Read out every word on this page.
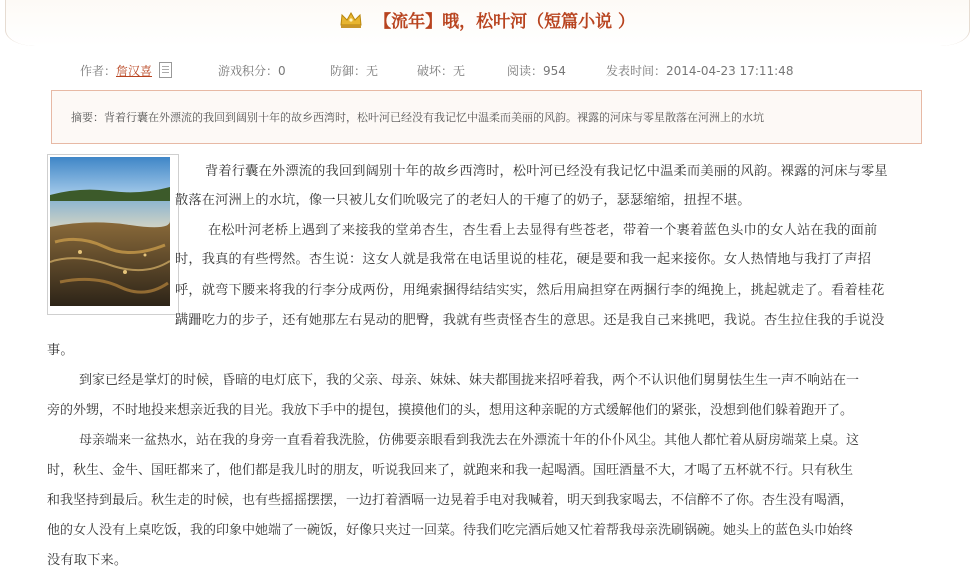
【流年】哦，松叶河（短篇小说 ）
作者： 詹汉喜	游戏积分：0	防御：无	破坏：无	阅读：954	发表时间：2014-04-23 17:11:48
摘要：背着行囊在外漂流的我回到阔别十年的故乡西湾时，松叶河已经没有我记忆中温柔而美丽的风韵。裸露的河床与零星散落在河洲上的水坑
背着行囊在外漂流的我回到阔别十年的故乡西湾时，松叶河已经没有我记忆中温柔而美丽的风韵。裸露的河床与零星
散落在河洲上的水坑，像一只被儿女们吮吸完了的老妇人的干瘪了的奶子，瑟瑟缩缩，扭捏不堪。
在松叶河老桥上遇到了来接我的堂弟杏生，杏生看上去显得有些苍老，带着一个裹着蓝色头巾的女人站在我的面前
时，我真的有些愕然。杏生说：这女人就是我常在电话里说的桂花，硬是要和我一起来接你。女人热情地与我打了声招
呼，就弯下腰来将我的行李分成两份，用绳索捆得结结实实，然后用扁担穿在两捆行李的绳挽上，挑起就走了。看着桂花
蹒跚吃力的步子，还有她那左右晃动的肥臀，我就有些责怪杏生的意思。还是我自己来挑吧，我说。杏生拉住我的手说没
事。
到家已经是掌灯的时候，昏暗的电灯底下，我的父亲、母亲、妹妹、妹夫都围拢来招呼着我，两个不认识他们舅舅怯生生一声不响站在一
旁的外甥，不时地投来想亲近我的目光。我放下手中的提包，摸摸他们的头，想用这种亲昵的方式缓解他们的紧张，没想到他们躲着跑开了。
母亲端来一盆热水，站在我的身旁一直看着我洗脸，仿佛要亲眼看到我洗去在外漂流十年的仆仆风尘。其他人都忙着从厨房端菜上桌。这
时，秋生、金牛、国旺都来了，他们都是我儿时的朋友，听说我回来了，就跑来和我一起喝酒。国旺酒量不大，才喝了五杯就不行。只有秋生
和我坚持到最后。秋生走的时候，也有些摇摇摆摆，一边打着酒嗝一边晃着手电对我喊着，明天到我家喝去，不信醉不了你。杏生没有喝酒，
他的女人没有上桌吃饭，我的印象中她端了一碗饭，好像只夹过一回菜。待我们吃完酒后她又忙着帮我母亲洗刷锅碗。她头上的蓝色头巾始终
没有取下来。
